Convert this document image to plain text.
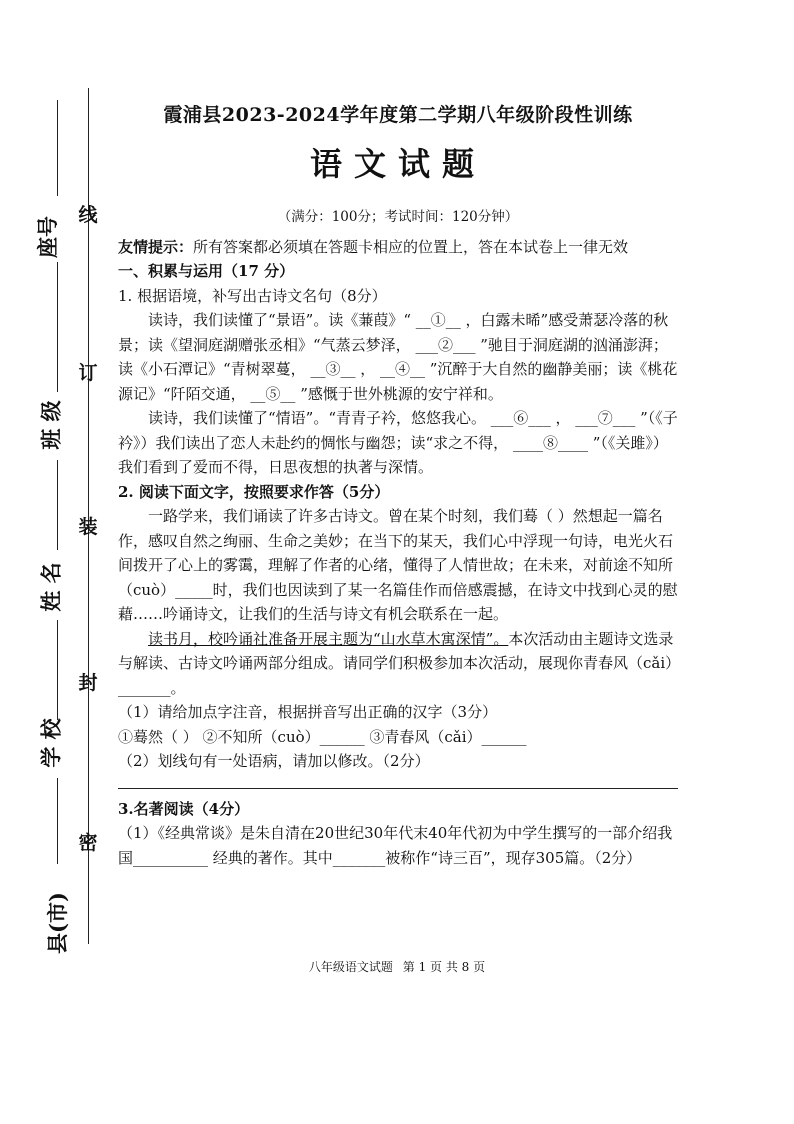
线
订
装
封
密
座号
班 级
姓 名
学 校
县(市)
霞浦县2023-2024学年度第二学期八年级阶段性训练
语文试题
（满分：100分；考试时间：120分钟）
友情提示：所有答案都必须填在答题卡相应的位置上，答在本试卷上一律无效

一、积累与运用（17 分）

1. 根据语境，补写出古诗文名句（8分）

读诗，我们读懂了“景语”。读《蒹葭》“ __①__ ，白露未晞”感受萧瑟冷落的秋景；读《望洞庭湖赠张丞相》“气蒸云梦泽， ___②___ ”驰目于洞庭湖的汹涌澎湃；读《小石潭记》“青树翠蔓， __③__ ， __④__ ”沉醉于大自然的幽静美丽；读《桃花源记》“阡陌交通， __⑤__ ”感慨于世外桃源的安宁祥和。

读诗，我们读懂了“情语”。“青青子衿，悠悠我心。 ___⑥___ ， ___⑦___ ”（《子衿》）我们读出了恋人未赴约的惆怅与幽怨；读“求之不得， ____⑧____ ”（《关雎》）我们看到了爱而不得，日思夜想的执著与深情。

2. 阅读下面文字，按照要求作答（5分）

一路学来，我们诵读了许多古诗文。曾在某个时刻，我们蓦（ ）然想起一篇名作，感叹自然之绚丽、生命之美妙；在当下的某天，我们心中浮现一句诗，电光火石间拨开了心上的雾霭，理解了作者的心绪，懂得了人情世故；在未来，对前途不知所（cuò）_____时，我们也因读到了某一名篇佳作而倍感震撼，在诗文中找到心灵的慰藉……吟诵诗文，让我们的生活与诗文有机会联系在一起。

读书月，校吟诵社准备开展主题为“山水草木寓深情”。本次活动由主题诗文选录与解读、古诗文吟诵两部分组成。请同学们积极参加本次活动，展现你青春风（cǎi）_______。

（1）请给加点字注音，根据拼音写出正确的汉字（3分）

①蓦然（ ） ②不知所（cuò）______ ③青春风（cǎi）______

（2）划线句有一处语病，请加以修改。（2分）

3.名著阅读（4分）

（1）《经典常谈》是朱自清在20世纪30年代末40年代初为中学生撰写的一部介绍我国__________ 经典的著作。其中_______被称作“诗三百”，现存305篇。（2分）

八年级语文试题 第 1 页 共 8 页
